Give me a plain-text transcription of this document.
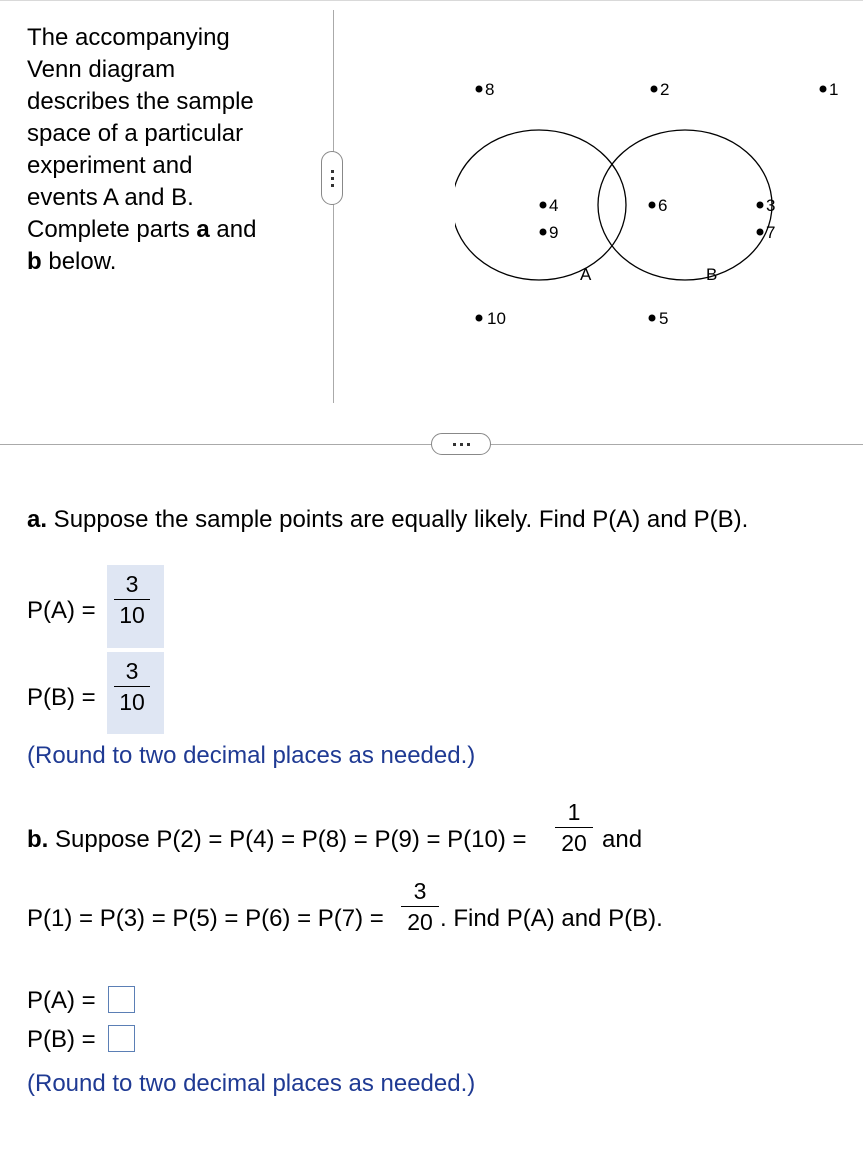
The accompanying
Venn diagram
describes the sample
space of a particular
experiment and
events A and B.
Complete parts a and
b below.
8	2	1
4
9
6	3
7
A	B
10	5
a. Suppose the sample points are equally likely. Find P(A) and P(B).
P(A) =
3
10
P(B) =
3
10
(Round to two decimal places as needed.)
b. Suppose P(2) = P(4) = P(8) = P(9) = P(10) =
1
20 and
P(1) = P(3) = P(5) = P(6) = P(7) =
3
20 . Find P(A) and P(B).
P(A) =
P(B) =
(Round to two decimal places as needed.)
